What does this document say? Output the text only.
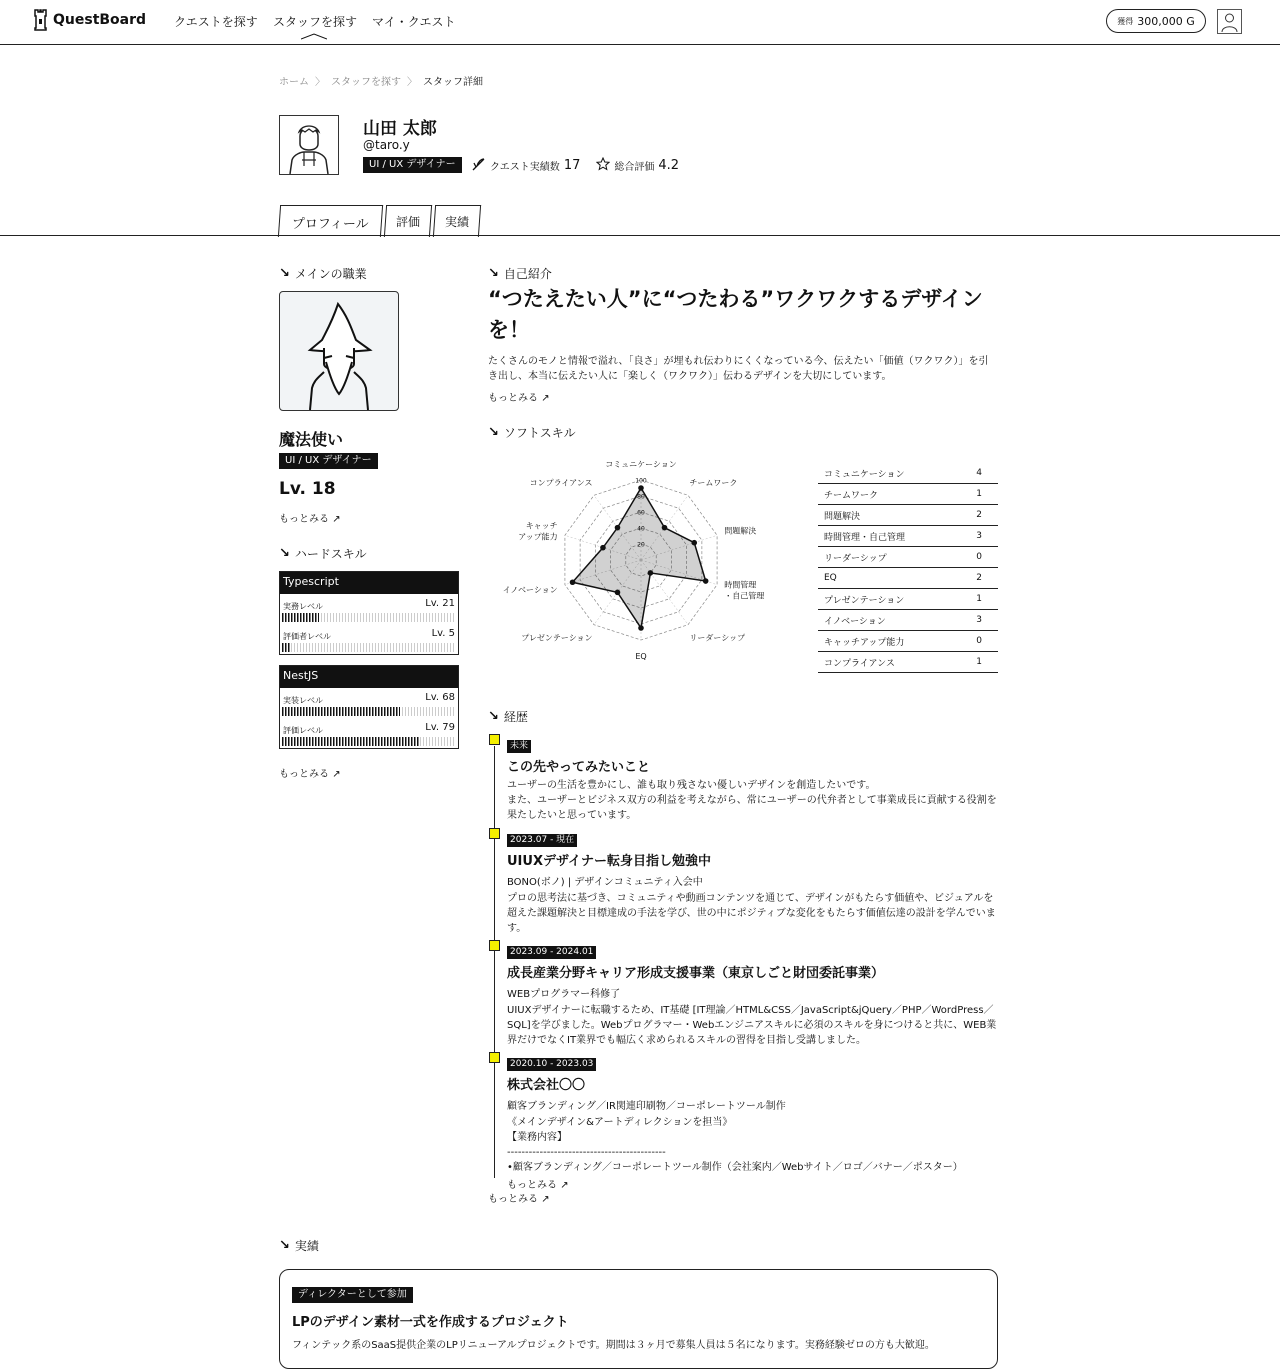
QuestBoard クエストを探す スタッフを探す マイ・クエスト	獲得 300,000 G
ホーム 〉 スタッフを探す 〉 スタッフ詳細
山田 太郎
@taro.y
UI / UX デザイナー	クエスト実績数 17	総合評価 4.2
プロフィール	評価	実績
↘ メインの職業
魔法使い
UI / UX デザイナー
Lv. 18
もっとみる ↗
↘ ハードスキル
Typescript
実務レベル	Lv. 21
評価者レベル	Lv. 5
NestJS
実装レベル	Lv. 68
評価レベル	Lv. 79
もっとみる ↗
↘ 自己紹介
“つたえたい人”に“つたわる”ワクワクするデザインを！
たくさんのモノと情報で溢れ、「良さ」が埋もれ伝わりにくくなっている今、伝えたい「価値（ワクワク）」を引き出し、本当に伝えたい人に「楽しく（ワクワク）」伝わるデザインを大切にしています。
もっとみる ↗
↘ ソフトスキル
20
40
60
80
100
コミュニケーション
チームワーク
問題解決
時間管理・自己管理
リーダーシップ
EQ
プレゼンテーション
イノベーション
キャッチアップ能力
コンプライアンス
コミュニケーション	4
チームワーク	1
問題解決	2
時間管理・自己管理	3
リーダーシップ	0
EQ	2
プレゼンテーション	1
イノベーション	3
キャッチアップ能力	0
コンプライアンス	1
↘ 経歴
未来
この先やってみたいこと
ユーザーの生活を豊かにし、誰も取り残さない優しいデザインを創造したいです。
また、ユーザーとビジネス双方の利益を考えながら、常にユーザーの代弁者として事業成長に貢献する役割を果たしたいと思っています。
2023.07 - 現在
UIUXデザイナー転身目指し勉強中
BONO(ボノ) | デザインコミュニティ入会中
プロの思考法に基づき、コミュニティや動画コンテンツを通じて、デザインがもたらす価値や、ビジュアルを超えた課題解決と目標達成の手法を学び、世の中にポジティブな変化をもたらす価値伝達の設計を学んでいます。
2023.09 - 2024.01
成長産業分野キャリア形成支援事業（東京しごと財団委託事業）
WEBプログラマー科修了
UIUXデザイナーに転職するため、IT基礎 [IT理論／HTML&CSS／JavaScript&jQuery／PHP／WordPress／SQL]を学びました。Webプログラマー・Webエンジニアスキルに必須のスキルを身につけると共に、WEB業界だけでなくIT業界でも幅広く求められるスキルの習得を目指し受講しました。
2020.10 - 2023.03
株式会社〇〇
顧客ブランディング／IR関連印刷物／コーポレートツール制作
《メインデザイン&アートディレクションを担当》
【業務内容】
--------------------------------------------
•顧客ブランディング／コーポレートツール制作（会社案内／Webサイト／ロゴ／バナー／ポスター）
もっとみる ↗
もっとみる ↗
↘ 実績
ディレクターとして参加
LPのデザイン素材一式を作成するプロジェクト
フィンテック系のSaaS提供企業のLPリニューアルプロジェクトです。期間は３ヶ月で募集人員は５名になります。実務経験ゼロの方も大歓迎。
